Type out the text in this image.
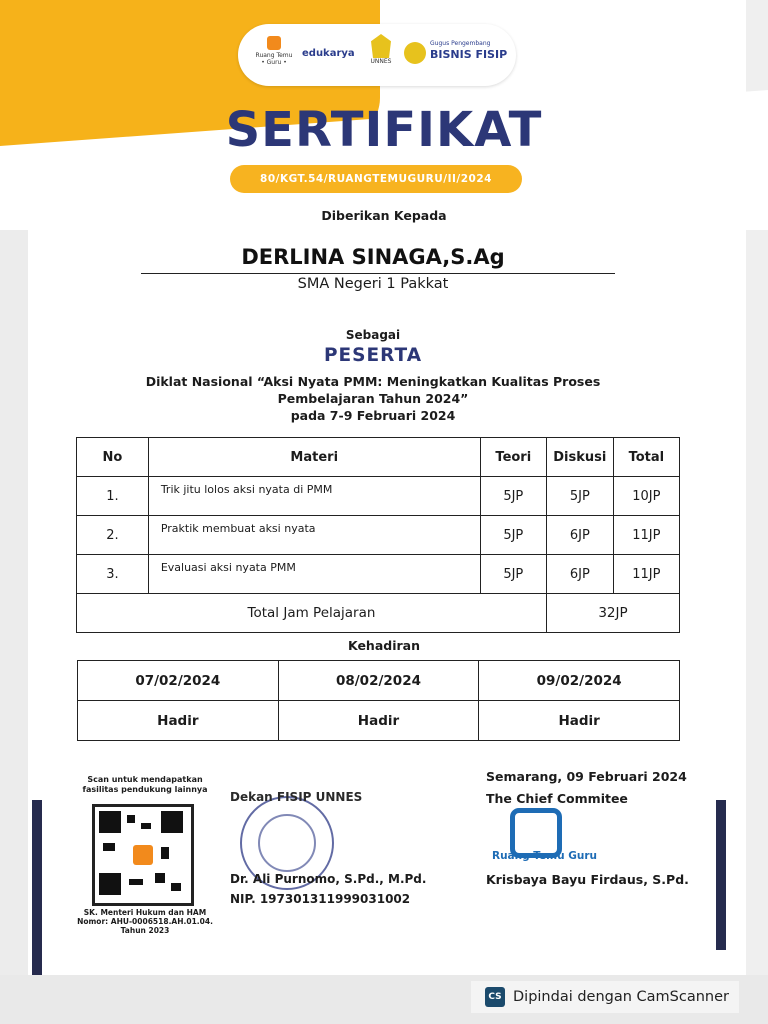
Ruang Temu • Guru •
edukarya
UNNES
Gugus Pengembang
BISNIS FISIP
SERTIFIKAT
80/KGT.54/RUANGTEMUGURU/II/2024
Diberikan Kepada
DERLINA SINAGA,S.Ag
SMA Negeri 1 Pakkat
Sebagai
PESERTA
Diklat Nasional “Aksi Nyata PMM: Meningkatkan Kualitas Proses
Pembelajaran Tahun 2024”
pada 7-9 Februari 2024
No	Materi	Teori	Diskusi	Total
1.	Trik jitu lolos aksi nyata di PMM	5JP	5JP	10JP
2.	Praktik membuat aksi nyata	5JP	6JP	11JP
3.	Evaluasi aksi nyata PMM	5JP	6JP	11JP
Total Jam Pelajaran			32JP	
Kehadiran
07/02/2024	08/02/2024	09/02/2024
Hadir	Hadir	Hadir
Scan untuk mendapatkan fasilitas pendukung lainnya
SK. Menteri Hukum dan HAM Nomor: AHU-0006518.AH.01.04. Tahun 2023
Dekan FISIP UNNES
Dr. Ali Purnomo, S.Pd., M.Pd.
NIP. 197301311999031002
Semarang, 09 Februari 2024
The Chief Commitee
Ruang Temu Guru
Krisbaya Bayu Firdaus, S.Pd.
CS Dipindai dengan CamScanner
